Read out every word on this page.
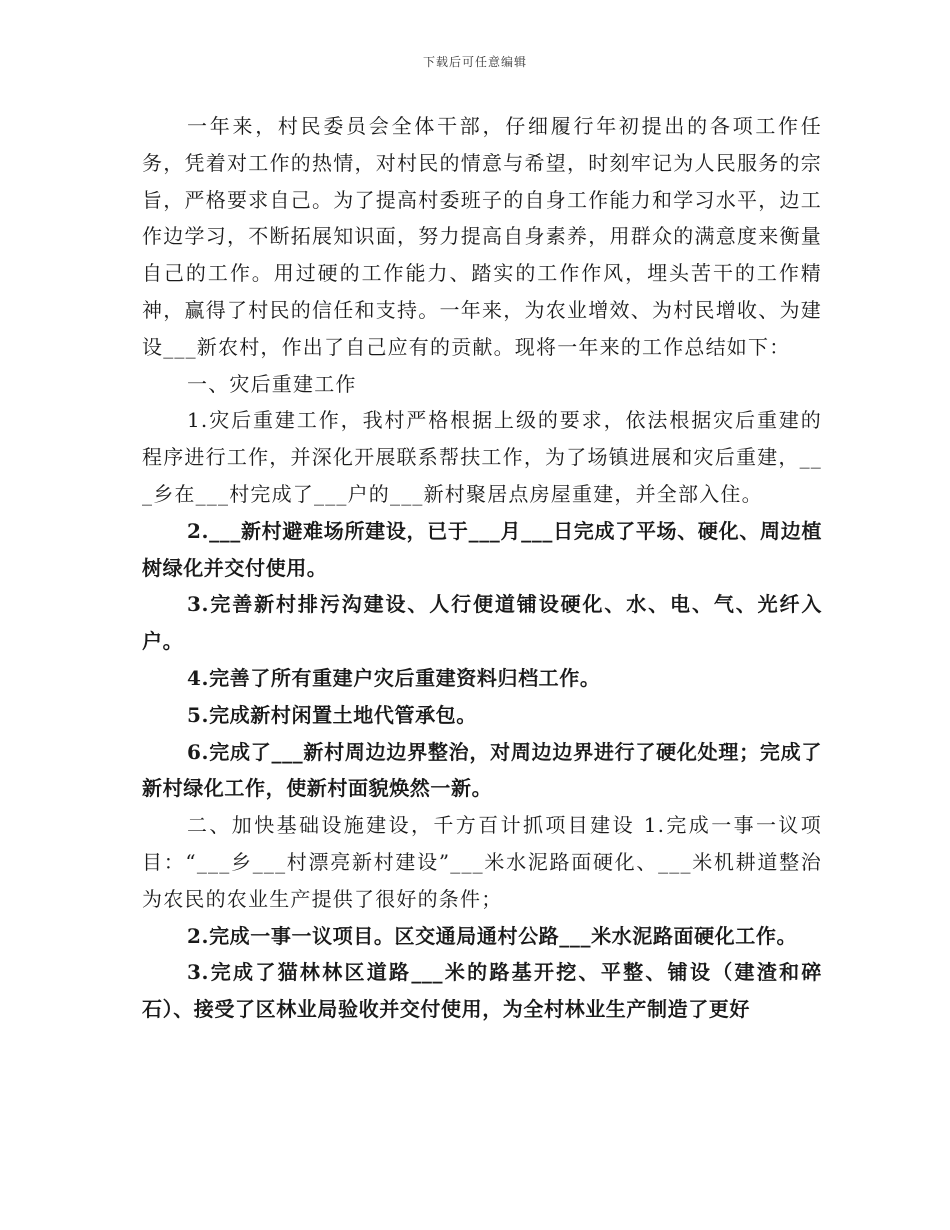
下载后可任意编辑

一年来，村民委员会全体干部，仔细履行年初提出的各项工作任务，凭着对工作的热情，对村民的情意与希望，时刻牢记为人民服务的宗旨，严格要求自己。为了提高村委班子的自身工作能力和学习水平，边工作边学习，不断拓展知识面，努力提高自身素养，用群众的满意度来衡量自己的工作。用过硬的工作能力、踏实的工作作风，埋头苦干的工作精神，赢得了村民的信任和支持。一年来，为农业增效、为村民增收、为建设___新农村，作出了自己应有的贡献。现将一年来的工作总结如下：

一、灾后重建工作

1.灾后重建工作，我村严格根据上级的要求，依法根据灾后重建的程序进行工作，并深化开展联系帮扶工作，为了场镇进展和灾后重建，___乡在___村完成了___户的___新村聚居点房屋重建，并全部入住。

2.___新村避难场所建设，已于___月___日完成了平场、硬化、周边植树绿化并交付使用。

3.完善新村排污沟建设、人行便道铺设硬化、水、电、气、光纤入户。

4.完善了所有重建户灾后重建资料归档工作。

5.完成新村闲置土地代管承包。

6.完成了___新村周边边界整治，对周边边界进行了硬化处理；完成了新村绿化工作，使新村面貌焕然一新。

二、加快基础设施建设，千方百计抓项目建设 1.完成一事一议项目：“___乡___村漂亮新村建设”___米水泥路面硬化、___米机耕道整治为农民的农业生产提供了很好的条件；

2.完成一事一议项目。区交通局通村公路___米水泥路面硬化工作。

3.完成了猫林林区道路___米的路基开挖、平整、铺设（建渣和碎石）、接受了区林业局验收并交付使用，为全村林业生产制造了更好
